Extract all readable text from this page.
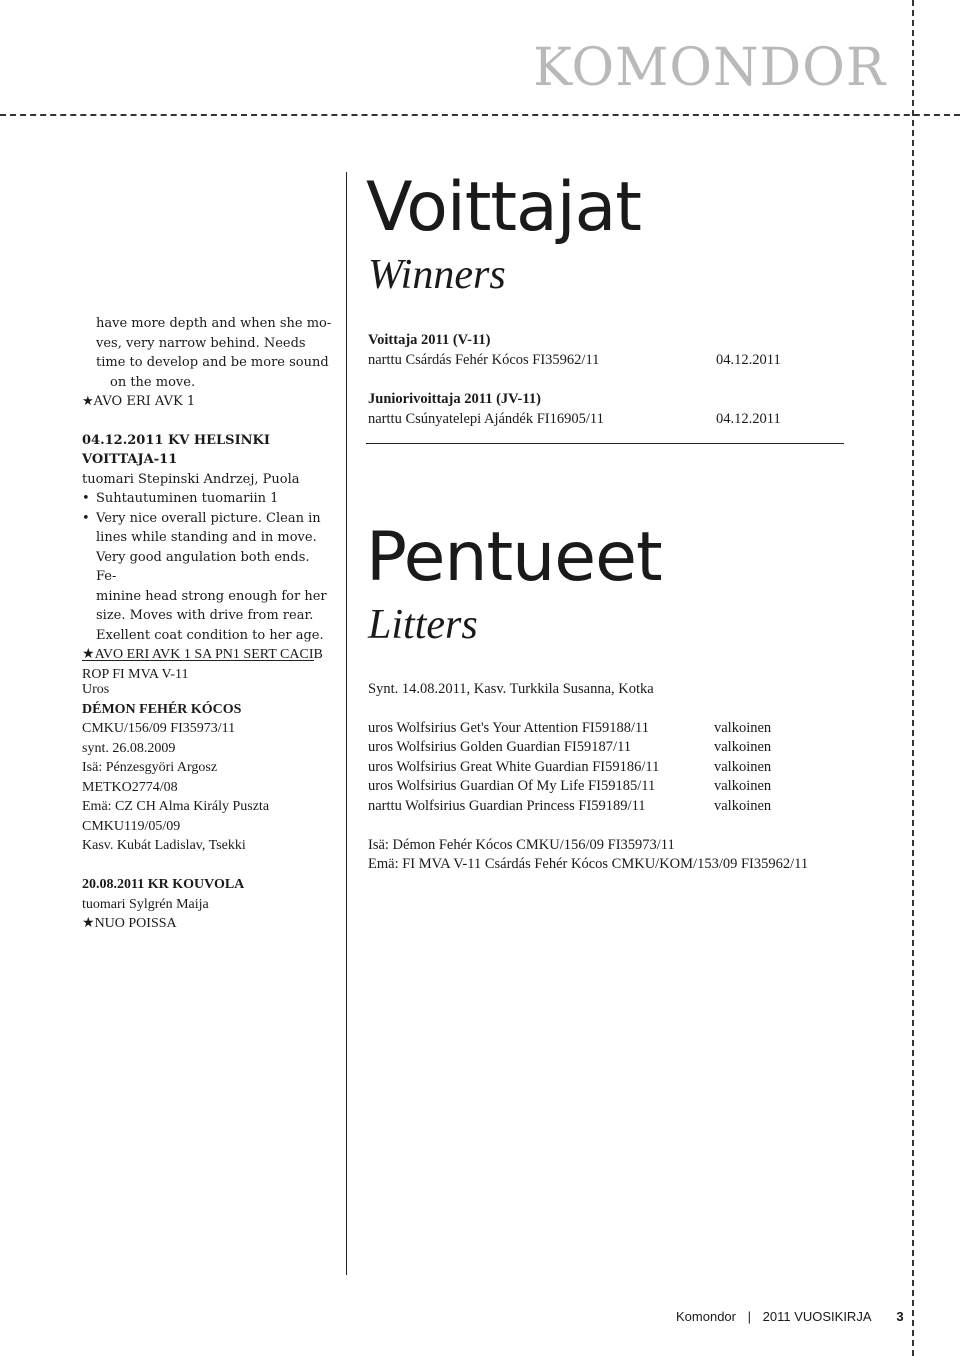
KOMONDOR
have more depth and when she mo-
ves, very narrow behind. Needs
time to develop and be more sound
on the move.
★AVO ERI AVK 1
04.12.2011 KV HELSINKI VOITTAJA-11
tuomari Stepinski Andrzej, Puola
• Suhtautuminen tuomariin 1
• Very nice overall picture. Clean in
lines while standing and in move.
Very good angulation both ends. Fe-
minine head strong enough for her
size. Moves with drive from rear.
Exellent coat condition to her age.
★AVO ERI AVK 1 SA PN1 SERT CACIB
ROP FI MVA V-11
Uros
DÉMON FEHÉR KÓCOS
CMKU/156/09 FI35973/11
synt. 26.08.2009
Isä: Pénzesgyöri Argosz
METKO2774/08
Emä: CZ CH Alma Király Puszta
CMKU119/05/09
Kasv. Kubát Ladislav, Tsekki
20.08.2011 KR KOUVOLA
tuomari Sylgrén Maija
★NUO POISSA
Voittajat
Winners
Voittaja 2011 (V-11)
narttu Csárdás Fehér Kócos FI35962/11	04.12.2011
Juniorivoittaja 2011 (JV-11)
narttu Csúnyatelepi Ajándék FI16905/11	04.12.2011
Pentueet
Litters
Synt. 14.08.2011, Kasv. Turkkila Susanna, Kotka
uros Wolfsirius Get's Your Attention FI59188/11	valkoinen
uros Wolfsirius Golden Guardian FI59187/11	valkoinen
uros Wolfsirius Great White Guardian FI59186/11	valkoinen
uros Wolfsirius Guardian Of My Life FI59185/11	valkoinen
narttu Wolfsirius Guardian Princess FI59189/11	valkoinen
Isä: Démon Fehér Kócos CMKU/156/09 FI35973/11
Emä: FI MVA V-11 Csárdás Fehér Kócos CMKU/KOM/153/09 FI35962/11
Komondor | 2011 VUOSIKIRJA 3
